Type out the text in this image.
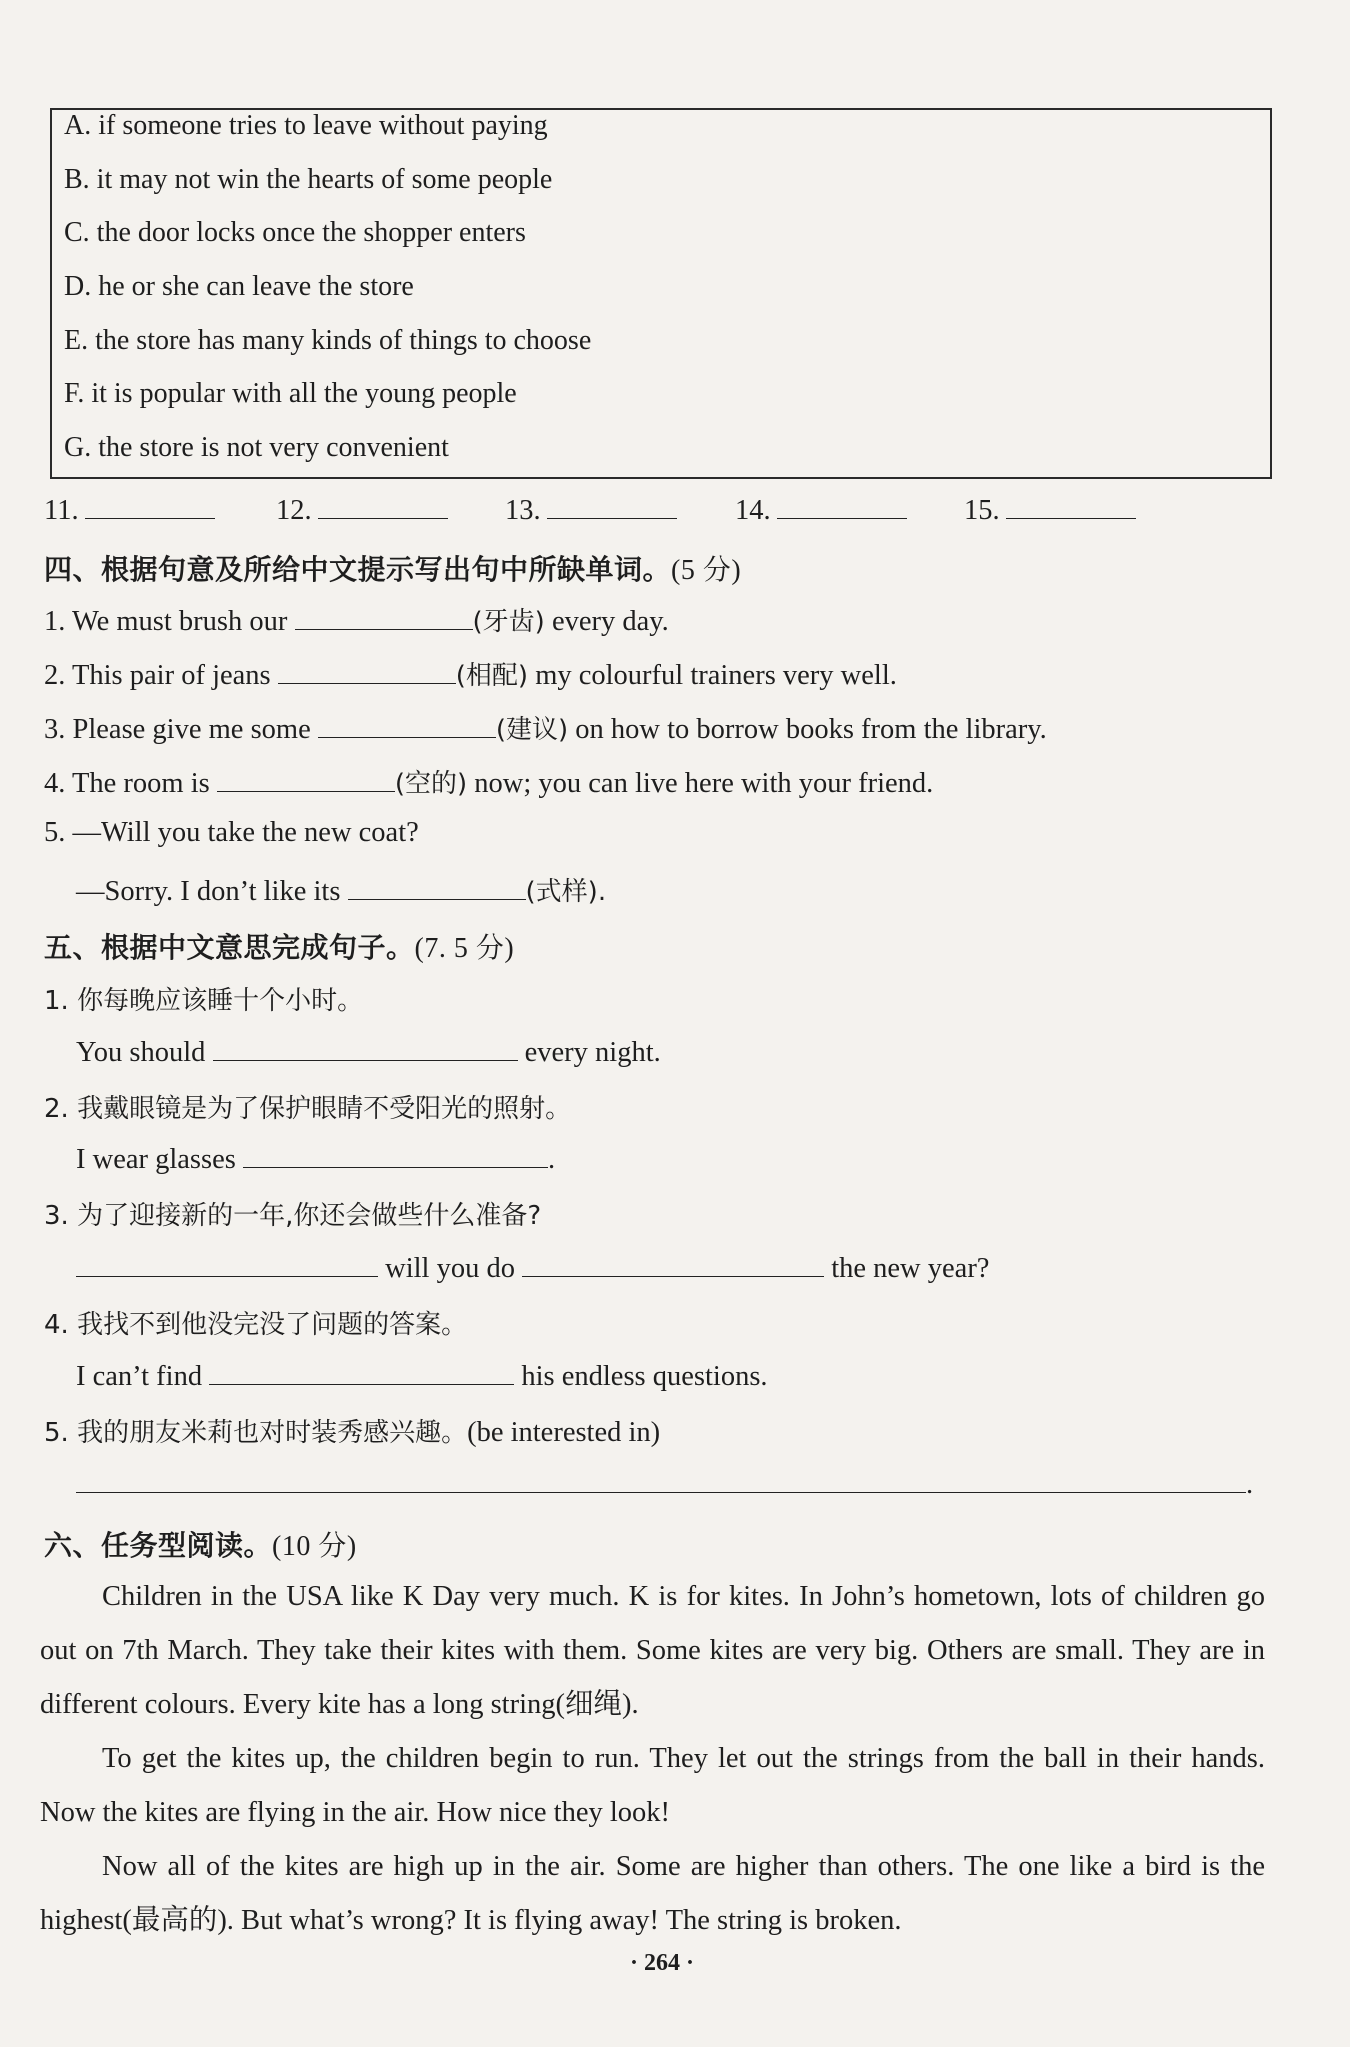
A. if someone tries to leave without paying
B. it may not win the hearts of some people
C. the door locks once the shopper enters
D. he or she can leave the store
E. the store has many kinds of things to choose
F. it is popular with all the young people
G. the store is not very convenient
11.	12.	13.	14.	15.
四、根据句意及所给中文提示写出句中所缺单词。(5 分)
1. We must brush our	(牙齿) every day.
2. This pair of jeans	(相配) my colourful trainers very well.
3. Please give me some	(建议) on how to borrow books from the library.
4. The room is	(空的) now; you can live here with your friend.
5. —Will you take the new coat?
—Sorry. I don’t like its	(式样).
五、根据中文意思完成句子。(7. 5 分)
1. 你每晚应该睡十个小时。
You should	every night.
2. 我戴眼镜是为了保护眼睛不受阳光的照射。
I wear glasses	.
3. 为了迎接新的一年,你还会做些什么准备?
will you do	the new year?
4. 我找不到他没完没了问题的答案。
I can’t find	his endless questions.
5. 我的朋友米莉也对时装秀感兴趣。(be interested in)
.
六、任务型阅读。(10 分)
Children in the USA like K Day very much. K is for kites. In John’s hometown, lots of children go out on 7th March. They take their kites with them. Some kites are very big. Others are small. They are in different colours. Every kite has a long string(细绳).
To get the kites up, the children begin to run. They let out the strings from the ball in their hands. Now the kites are flying in the air. How nice they look!
Now all of the kites are high up in the air. Some are higher than others. The one like a bird is the highest(最高的). But what’s wrong? It is flying away! The string is broken.
· 264 ·
